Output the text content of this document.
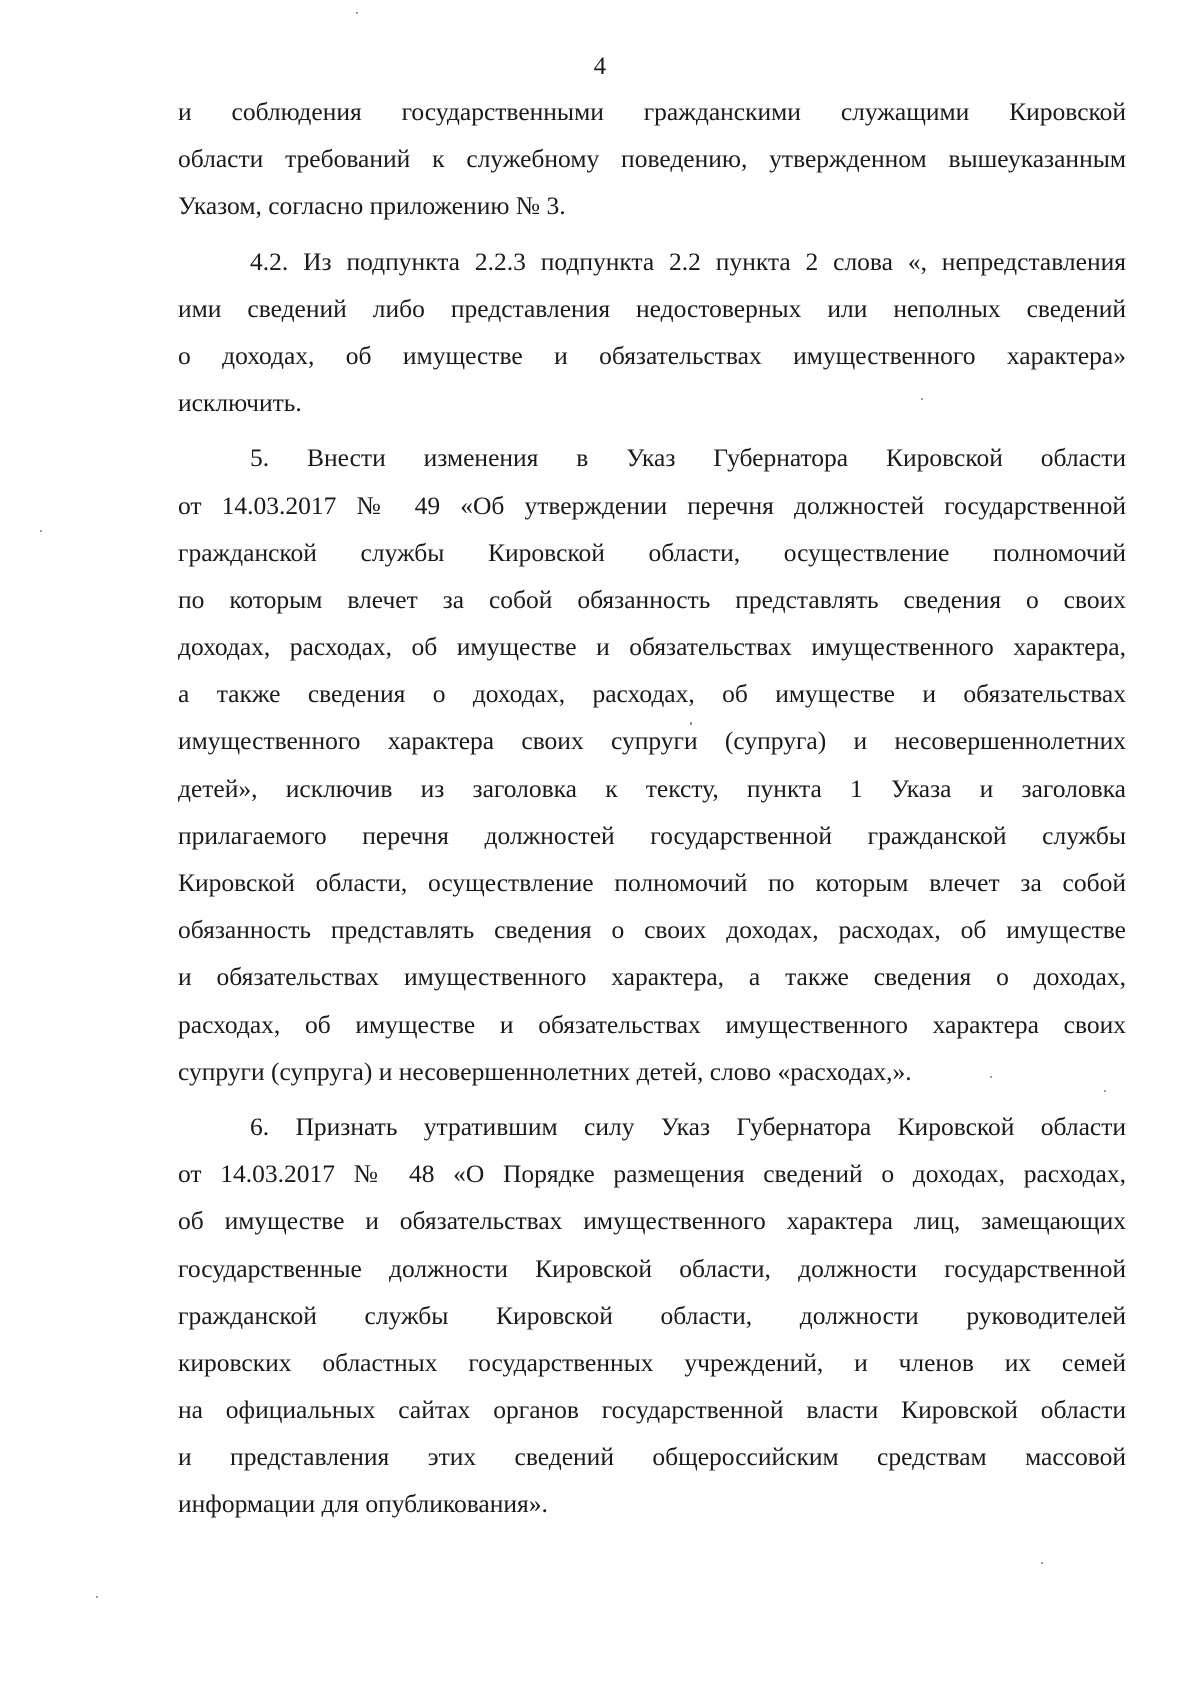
4
и соблюдения государственными гражданскими служащими Кировской
области требований к служебному поведению, утвержденном вышеуказанным
Указом, согласно приложению № 3.
4.2. Из подпункта 2.2.3 подпункта 2.2 пункта 2 слова «, непредставления
ими сведений либо представления недостоверных или неполных сведений
о доходах, об имуществе и обязательствах имущественного характера»
исключить.
5. Внести изменения в Указ Губернатора Кировской области
от 14.03.2017 № 49 «Об утверждении перечня должностей государственной
гражданской службы Кировской области, осуществление полномочий
по которым влечет за собой обязанность представлять сведения о своих
доходах, расходах, об имуществе и обязательствах имущественного характера,
а также сведения о доходах, расходах, об имуществе и обязательствах
имущественного характера своих супруги (супруга) и несовершеннолетних
детей», исключив из заголовка к тексту, пункта 1 Указа и заголовка
прилагаемого перечня должностей государственной гражданской службы
Кировской области, осуществление полномочий по которым влечет за собой
обязанность представлять сведения о своих доходах, расходах, об имуществе
и обязательствах имущественного характера, а также сведения о доходах,
расходах, об имуществе и обязательствах имущественного характера своих
супруги (супруга) и несовершеннолетних детей, слово «расходах,».
6. Признать утратившим силу Указ Губернатора Кировской области
от 14.03.2017 № 48 «О Порядке размещения сведений о доходах, расходах,
об имуществе и обязательствах имущественного характера лиц, замещающих
государственные должности Кировской области, должности государственной
гражданской службы Кировской области, должности руководителей
кировских областных государственных учреждений, и членов их семей
на официальных сайтах органов государственной власти Кировской области
и представления этих сведений общероссийским средствам массовой
информации для опубликования».
